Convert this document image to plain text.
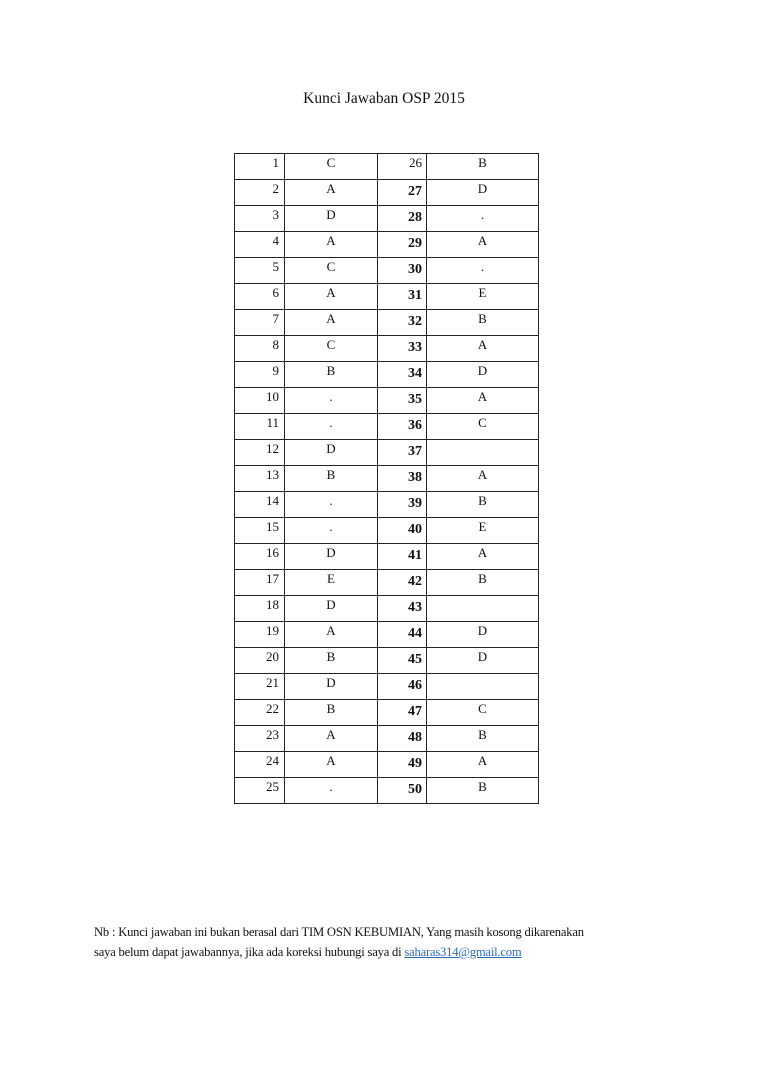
Kunci Jawaban OSP 2015
1	C	26	B
2	A	27	D
3	D	28	.
4	A	29	A
5	C	30	.
6	A	31	E
7	A	32	B
8	C	33	A
9	B	34	D
10	.	35	A
11	.	36	C
12	D	37	
13	B	38	A
14	.	39	B
15	.	40	E
16	D	41	A
17	E	42	B
18	D	43	
19	A	44	D
20	B	45	D
21	D	46	
22	B	47	C
23	A	48	B
24	A	49	A
25	.	50	B
Nb : Kunci jawaban ini bukan berasal dari TIM OSN KEBUMIAN, Yang masih kosong dikarenakan
saya belum dapat jawabannya, jika ada koreksi hubungi saya di saharas314@gmail.com
